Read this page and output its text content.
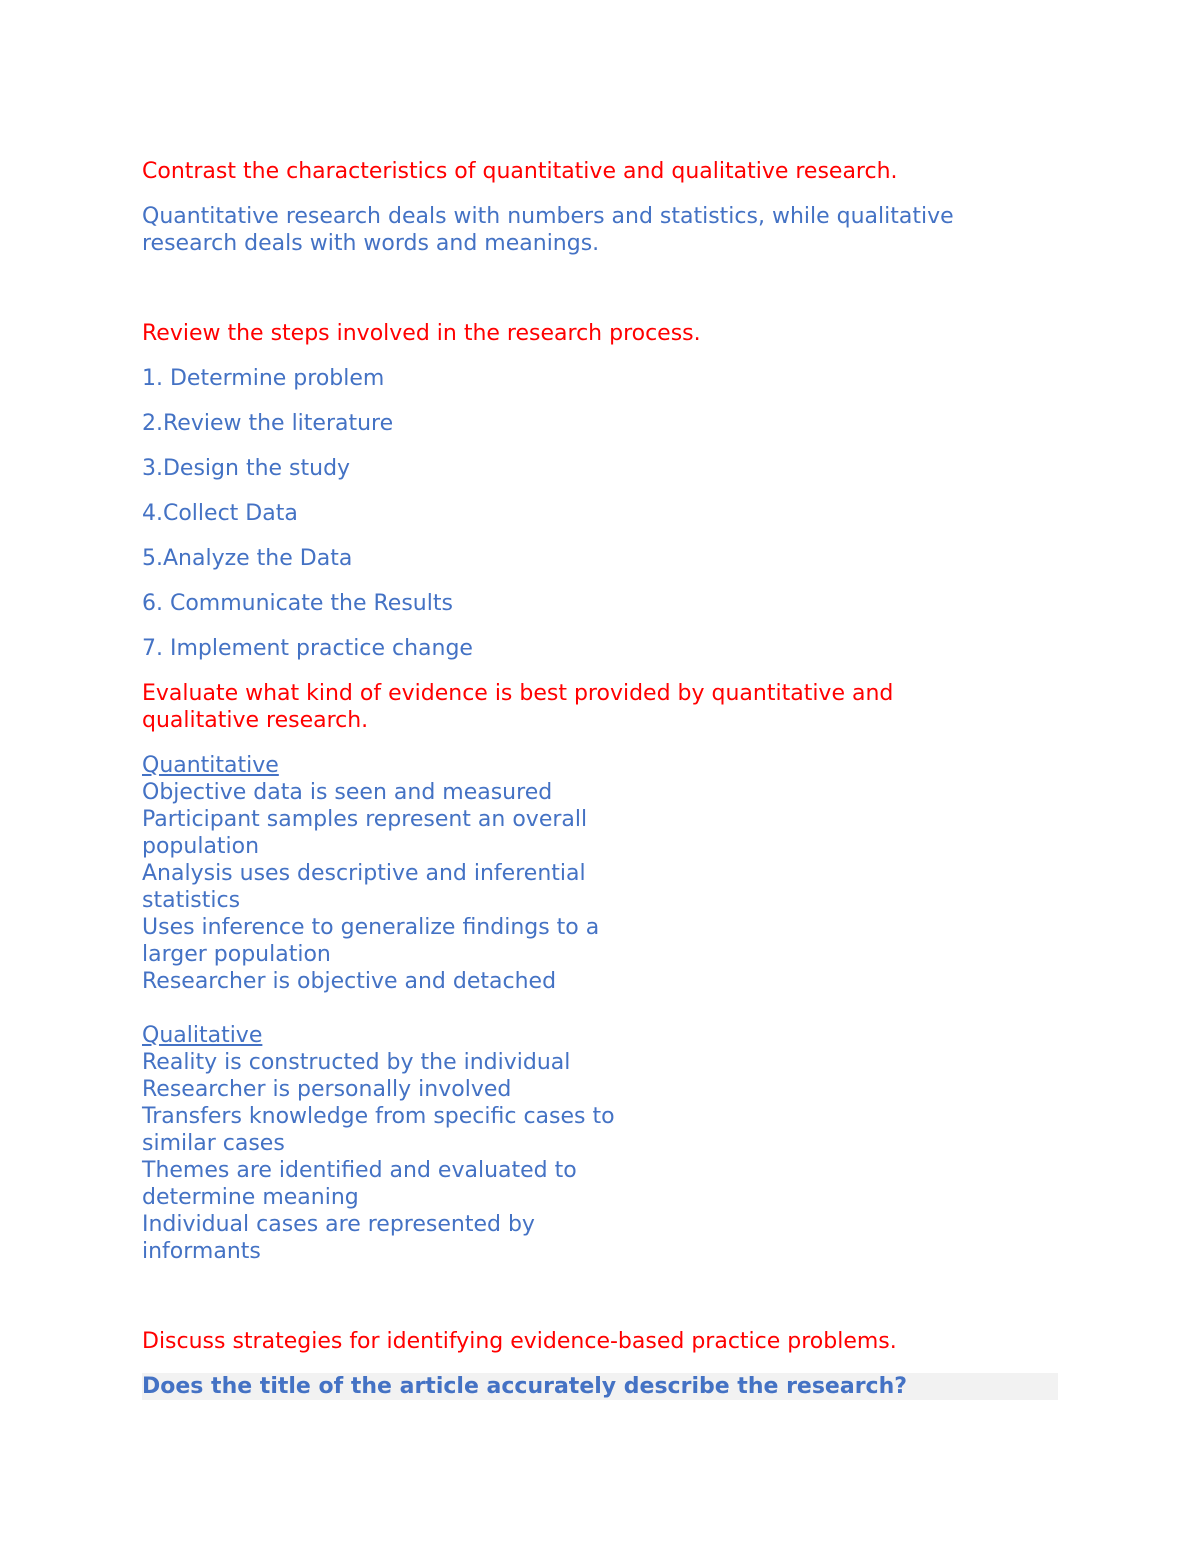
Contrast the characteristics of quantitative and qualitative research.

Quantitative research deals with numbers and statistics, while qualitative research deals with words and meanings.

Review the steps involved in the research process.

1. Determine problem

2.Review the literature

3.Design the study

4.Collect Data

5.Analyze the Data

6. Communicate the Results

7. Implement practice change

Evaluate what kind of evidence is best provided by quantitative and qualitative research.

Quantitative

Objective data is seen and measured

Participant samples represent an overall population

Analysis uses descriptive and inferential statistics

Uses inference to generalize findings to a larger population

Researcher is objective and detached

Qualitative

Reality is constructed by the individual

Researcher is personally involved

Transfers knowledge from specific cases to similar cases

Themes are identified and evaluated to determine meaning

Individual cases are represented by informants

Discuss strategies for identifying evidence-based practice problems.

Does the title of the article accurately describe the research?
